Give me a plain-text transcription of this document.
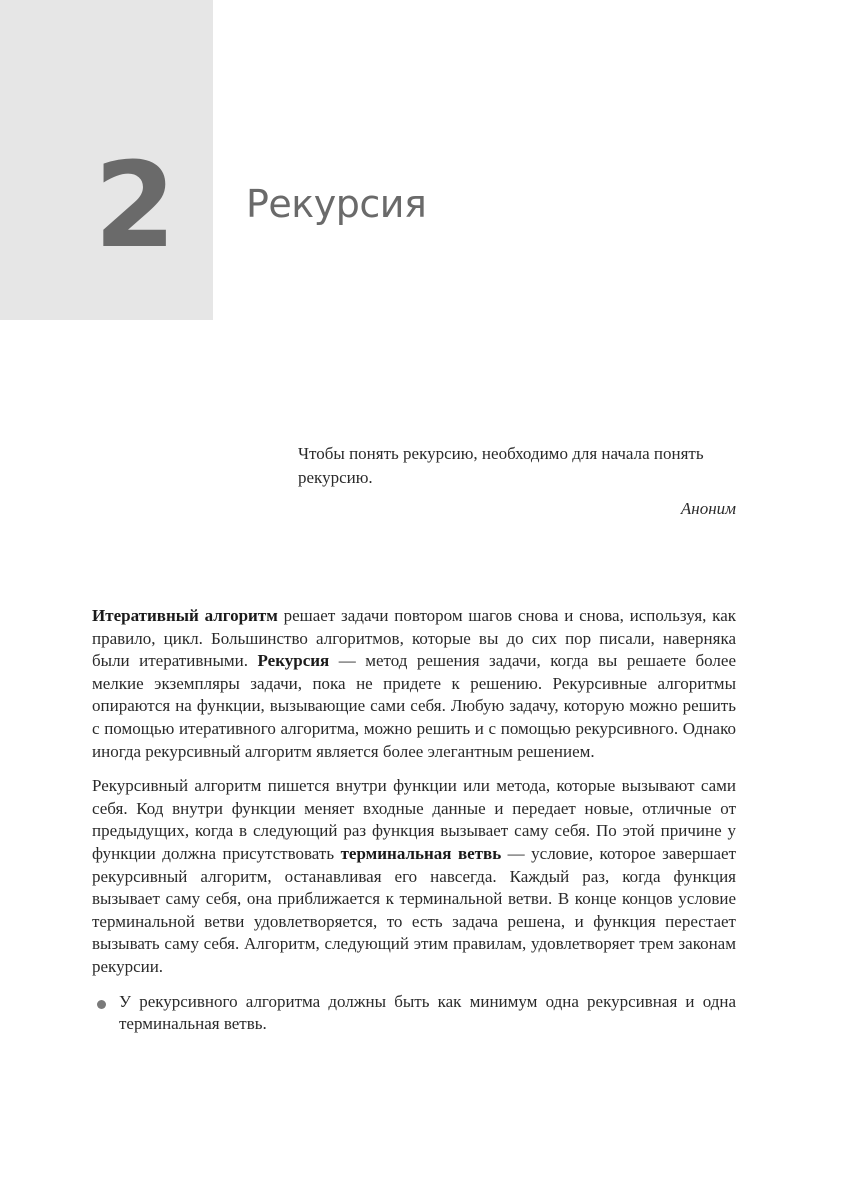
2 Рекурсия

Чтобы понять рекурсию, необходимо для начала понять рекурсию.

Аноним

Итеративный алгоритм решает задачи повтором шагов снова и снова, используя, как правило, цикл. Большинство алгоритмов, которые вы до сих пор писали, наверняка были итеративными. Рекурсия — метод решения задачи, когда вы решаете более мелкие экземпляры задачи, пока не придете к решению. Рекурсивные алгоритмы опираются на функции, вызывающие сами себя. Любую задачу, которую можно решить с помощью итеративного алгоритма, можно решить и с помощью рекурсивного. Однако иногда рекурсивный алгоритм является более элегантным решением.

Рекурсивный алгоритм пишется внутри функции или метода, которые вызывают сами себя. Код внутри функции меняет входные данные и передает новые, отличные от предыдущих, когда в следующий раз функция вызывает саму себя. По этой причине у функции должна присутствовать терминальная ветвь — условие, которое завершает рекурсивный алгоритм, останавливая его навсегда. Каждый раз, когда функция вызывает саму себя, она приближается к терминальной ветви. В конце концов условие терминальной ветви удовлетворяется, то есть задача решена, и функция перестает вызывать саму себя. Алгоритм, следующий этим правилам, удовлетворяет трем законам рекурсии.

У рекурсивного алгоритма должны быть как минимум одна рекурсивная и одна терминальная ветвь.
